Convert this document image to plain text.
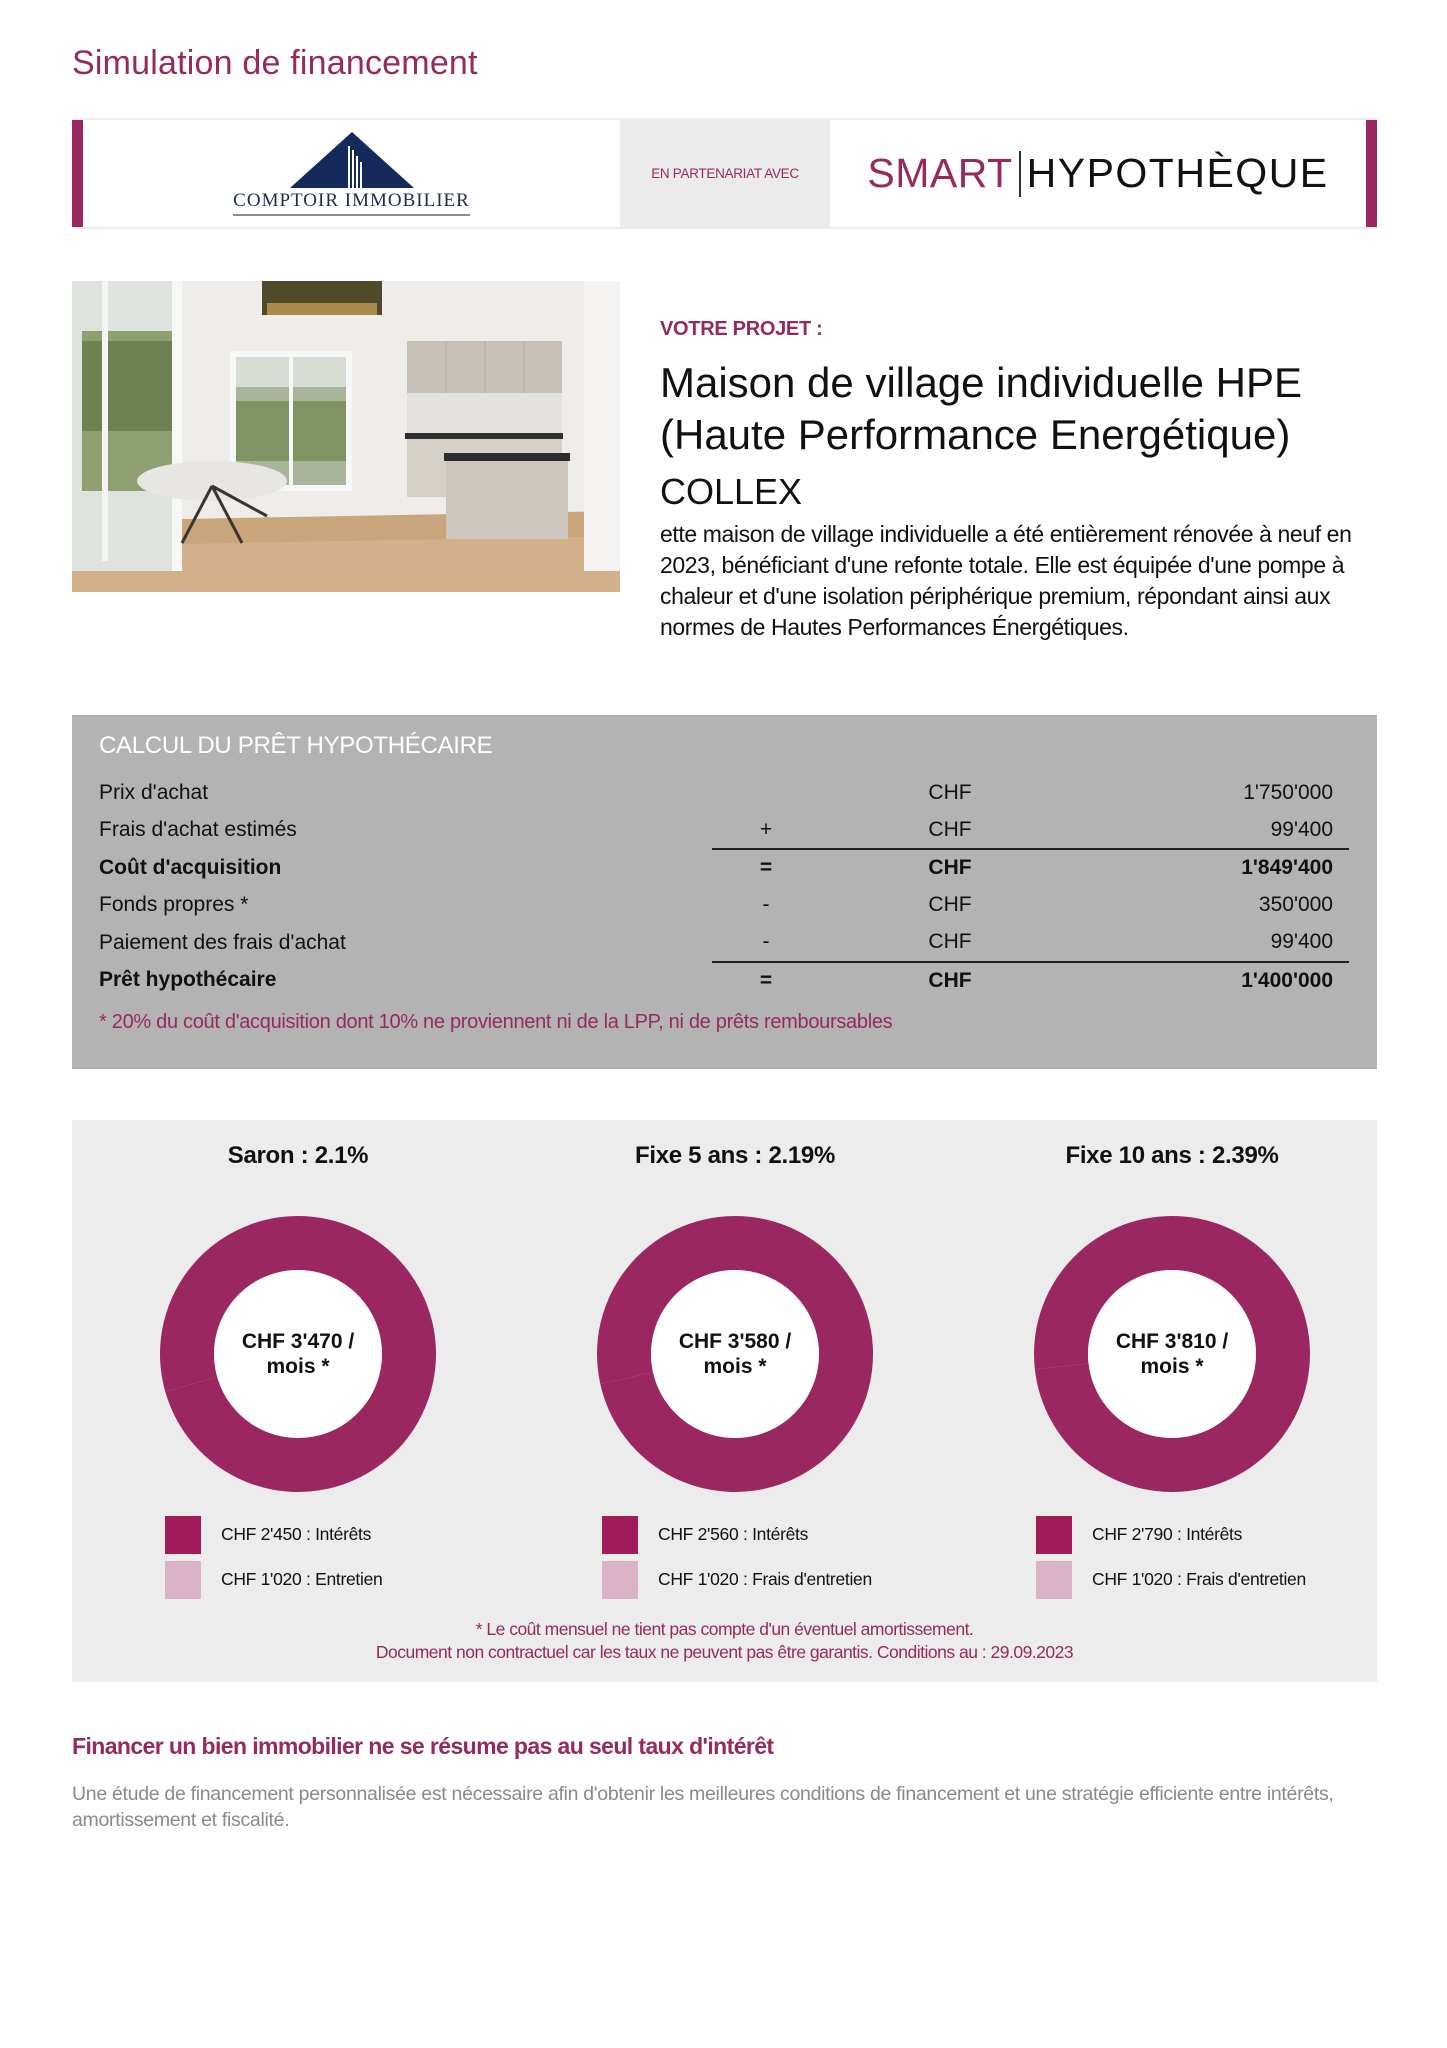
Simulation de financement
COMPTOIR IMMOBILIER
EN PARTENARIAT AVEC	SMART HYPOTHÈQUE
VOTRE PROJET :
Maison de village individuelle HPE
(Haute Performance Energétique)
COLLEX
ette maison de village individuelle a été entièrement rénovée à neuf en 2023, bénéficiant d'une refonte totale. Elle est équipée d'une pompe à chaleur et d'une isolation périphérique premium, répondant ainsi aux normes de Hautes Performances Énergétiques.
CALCUL DU PRÊT HYPOTHÉCAIRE
Prix d'achat		CHF	1'750'000
Frais d'achat estimés	+	CHF	99'400
Coût d'acquisition	=	CHF	1'849'400
Fonds propres *	-	CHF	350'000
Paiement des frais d'achat	-	CHF	99'400
Prêt hypothécaire	=	CHF	1'400'000
* 20% du coût d'acquisition dont 10% ne proviennent ni de la LPP, ni de prêts remboursables
Saron : 2.1%
CHF 3'470 /
mois *
CHF 2'450 : Intérêts
CHF 1'020 : Entretien
Fixe 5 ans : 2.19%
CHF 3'580 /
mois *
CHF 2'560 : Intérêts
CHF 1'020 : Frais d'entretien
Fixe 10 ans : 2.39%
CHF 3'810 /
mois *
CHF 2'790 : Intérêts
CHF 1'020 : Frais d'entretien
* Le coût mensuel ne tient pas compte d'un éventuel amortissement.
Document non contractuel car les taux ne peuvent pas être garantis. Conditions au : 29.09.2023
Financer un bien immobilier ne se résume pas au seul taux d'intérêt
Une étude de financement personnalisée est nécessaire afin d'obtenir les meilleures conditions de financement et une stratégie efficiente entre intérêts, amortissement et fiscalité.
